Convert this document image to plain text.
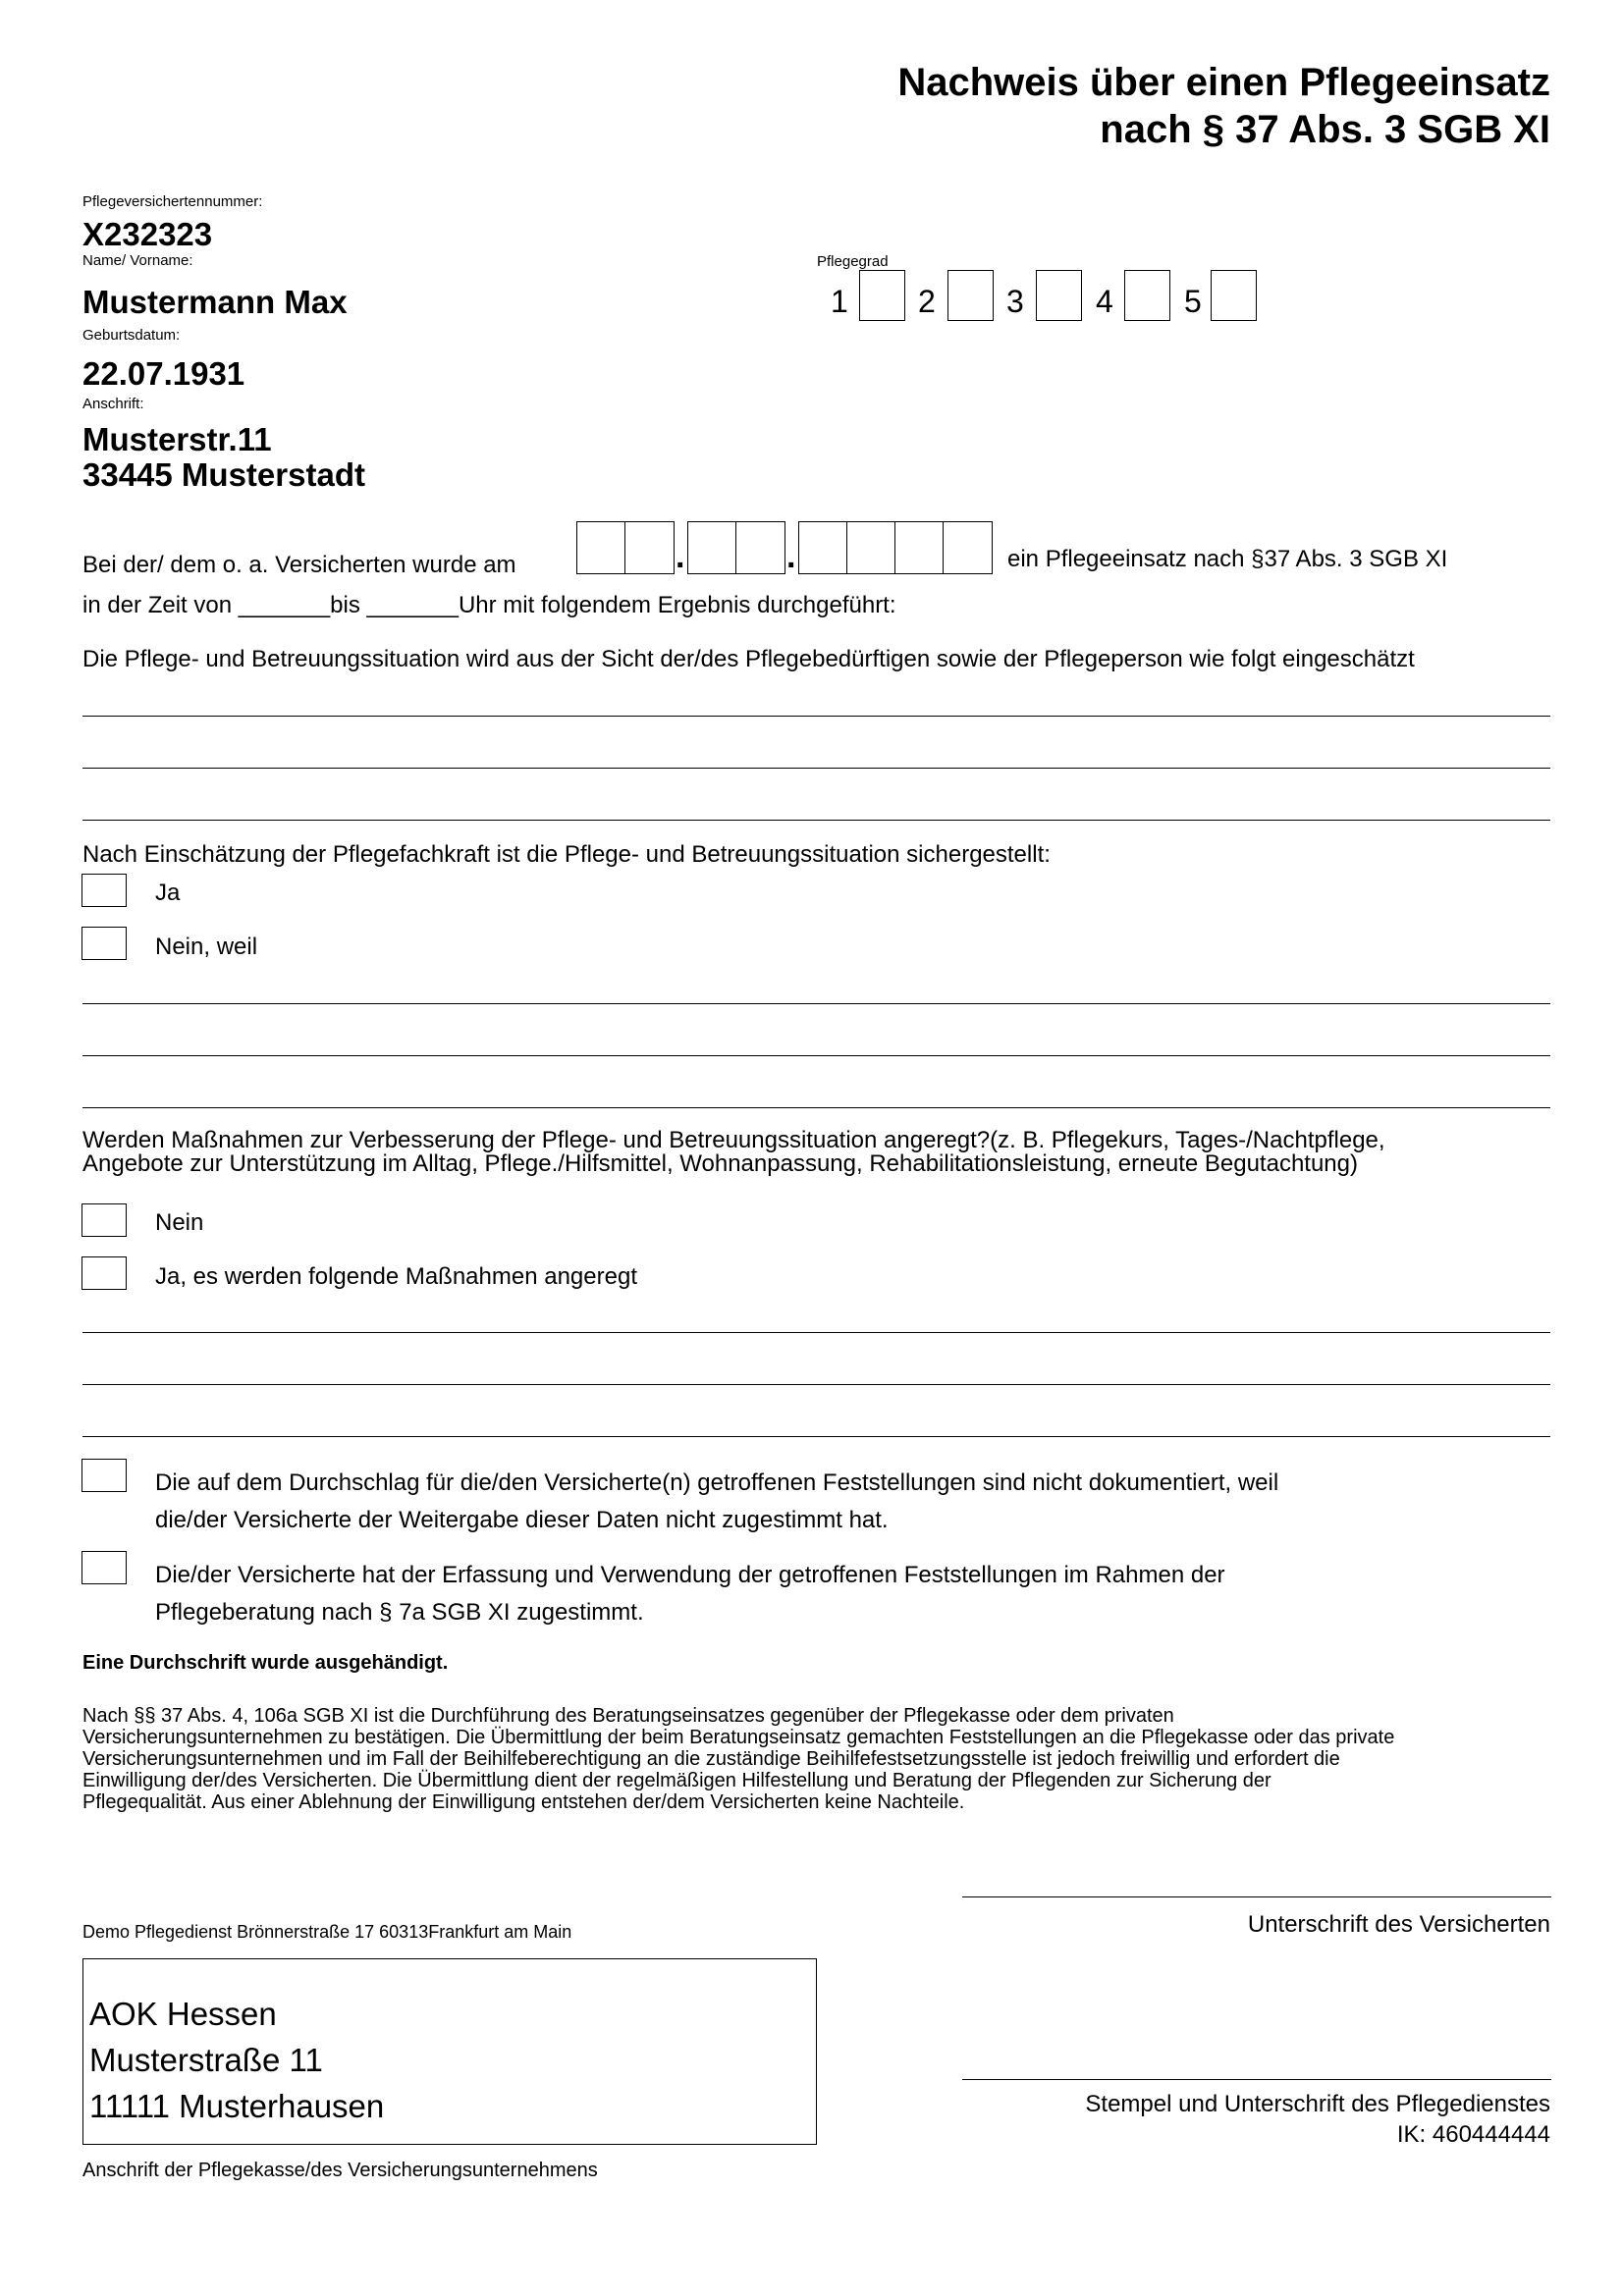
Nachweis über einen Pflegeeinsatz
nach § 37 Abs. 3 SGB XI
Pflegeversichertennummer:
X232323
Name/ Vorname:
Mustermann Max
Geburtsdatum:
22.07.1931
Anschrift:
Musterstr.11
33445 Musterstadt
Pflegegrad
1 2 3 4 5
Bei der/ dem o. a. Versicherten wurde am	.	.	ein Pflegeeinsatz nach §37 Abs. 3 SGB XI
in der Zeit von _______bis _______Uhr mit folgendem Ergebnis durchgeführt:
Die Pflege- und Betreuungssituation wird aus der Sicht der/des Pflegebedürftigen sowie der Pflegeperson wie folgt eingeschätzt
Nach Einschätzung der Pflegefachkraft ist die Pflege- und Betreuungssituation sichergestellt:
Ja
Nein, weil
Werden Maßnahmen zur Verbesserung der Pflege- und Betreuungssituation angeregt?(z. B. Pflegekurs, Tages-/Nachtpflege,
Angebote zur Unterstützung im Alltag, Pflege./Hilfsmittel, Wohnanpassung, Rehabilitationsleistung, erneute Begutachtung)
Nein
Ja, es werden folgende Maßnahmen angeregt
Die auf dem Durchschlag für die/den Versicherte(n) getroffenen Feststellungen sind nicht dokumentiert, weil
die/der Versicherte der Weitergabe dieser Daten nicht zugestimmt hat.
Die/der Versicherte hat der Erfassung und Verwendung der getroffenen Feststellungen im Rahmen der
Pflegeberatung nach § 7a SGB XI zugestimmt.
Eine Durchschrift wurde ausgehändigt.
Nach §§ 37 Abs. 4, 106a SGB XI ist die Durchführung des Beratungseinsatzes gegenüber der Pflegekasse oder dem privaten
Versicherungsunternehmen zu bestätigen. Die Übermittlung der beim Beratungseinsatz gemachten Feststellungen an die Pflegekasse oder das private
Versicherungsunternehmen und im Fall der Beihilfeberechtigung an die zuständige Beihilfefestsetzungsstelle ist jedoch freiwillig und erfordert die
Einwilligung der/des Versicherten. Die Übermittlung dient der regelmäßigen Hilfestellung und Beratung der Pflegenden zur Sicherung der
Pflegequalität. Aus einer Ablehnung der Einwilligung entstehen der/dem Versicherten keine Nachteile.
Demo Pflegedienst Brönnerstraße 17 60313Frankfurt am Main
AOK Hessen
Musterstraße 11
11111 Musterhausen
Anschrift der Pflegekasse/des Versicherungsunternehmens
Unterschrift des Versicherten
Stempel und Unterschrift des Pflegedienstes
IK: 460444444
